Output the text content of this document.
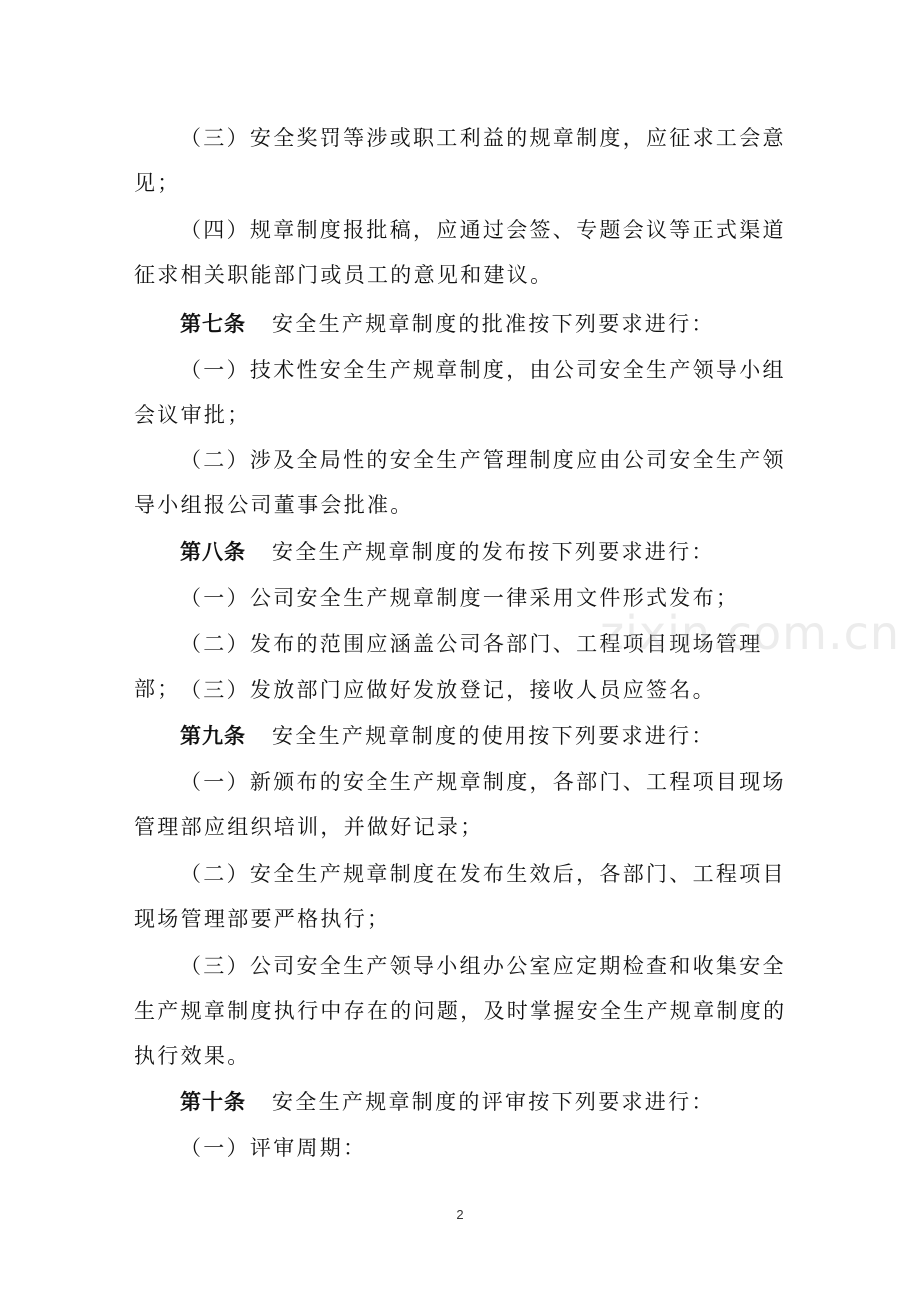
（三）安全奖罚等涉或职工利益的规章制度，应征求工会意见；

（四）规章制度报批稿，应通过会签、专题会议等正式渠道征求相关职能部门或员工的意见和建议。

第七条 安全生产规章制度的批准按下列要求进行：

（一）技术性安全生产规章制度，由公司安全生产领导小组会议审批；

（二）涉及全局性的安全生产管理制度应由公司安全生产领导小组报公司董事会批准。

第八条 安全生产规章制度的发布按下列要求进行：

（一）公司安全生产规章制度一律采用文件形式发布；

（二）发布的范围应涵盖公司各部门、工程项目现场管理部； （三）发放部门应做好发放登记，接收人员应签名。

第九条 安全生产规章制度的使用按下列要求进行：

（一）新颁布的安全生产规章制度，各部门、工程项目现场管理部应组织培训，并做好记录；

（二）安全生产规章制度在发布生效后，各部门、工程项目现场管理部要严格执行；

（三）公司安全生产领导小组办公室应定期检查和收集安全生产规章制度执行中存在的问题，及时掌握安全生产规章制度的执行效果。

第十条 安全生产规章制度的评审按下列要求进行：

（一）评审周期：

zixin.com.cn
2
